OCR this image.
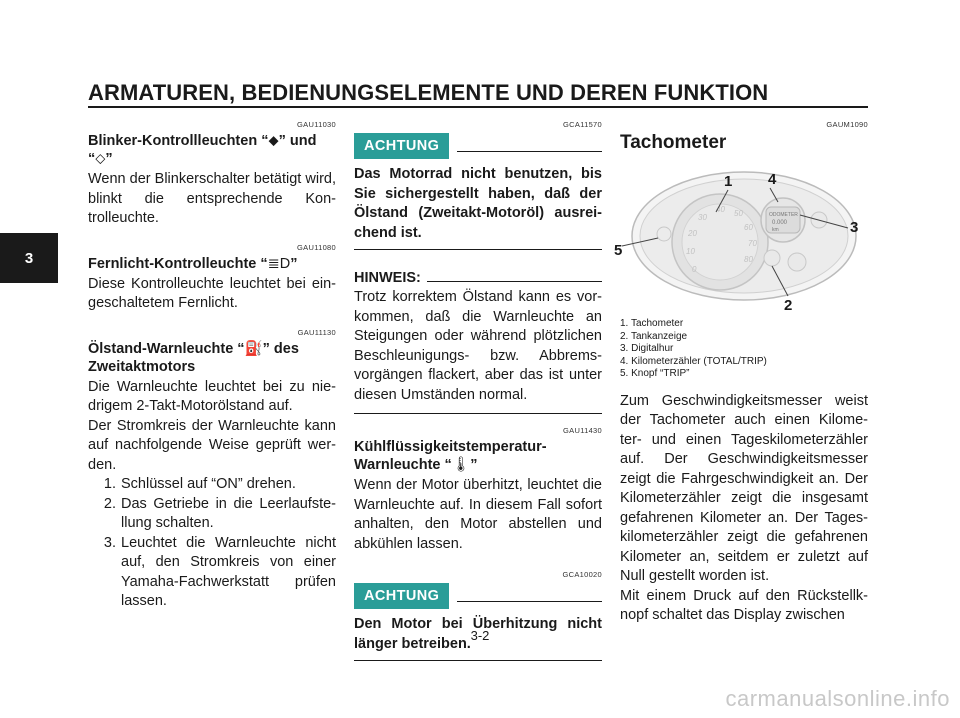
ARMATUREN, BEDIENUNGSELEMENTE UND DEREN FUNKTION
3
GAU11030
Blinker-Kontrollleuchten “⬥” und
“⬦”

Wenn der Blinkerschalter betätigt wird, blinkt die entsprechende Kon-trolleuchte.

GAU11080
Fernlicht-Kontrolleuchte “≣D”

Diese Kontrolleuchte leuchtet bei ein-geschaltetem Fernlicht.

GAU11130
Ölstand-Warnleuchte “⛽” des
Zweitaktmotors

Die Warnleuchte leuchtet bei zu nie-drigem 2-Takt-Motorölstand auf.

Der Stromkreis der Warnleuchte kann auf nachfolgende Weise geprüft wer-den.

1. Schlüssel auf “ON” drehen.
2. Das Getriebe in die Leerlaufste-llung schalten.
3. Leuchtet die Warnleuchte nicht auf, den Stromkreis von einer Yamaha-Fachwerkstatt prüfen lassen.
GCA11570
ACHTUNG

Das Motorrad nicht benutzen, bis Sie sichergestellt haben, daß der Ölstand (Zweitakt-Motoröl) ausrei-chend ist.

HINWEIS:

Trotz korrektem Ölstand kann es vor-kommen, daß die Warnleuchte an Steigungen oder während plötzlichen Beschleunigungs- bzw. Abbrems-vorgängen flackert, aber das ist unter diesen Umständen normal.

GAU11430
Kühlflüssigkeitstemperatur-
Warnleuchte “🌡”

Wenn der Motor überhitzt, leuchtet die Warnleuchte auf. In diesem Fall sofort anhalten, den Motor abstellen und abkühlen lassen.

GCA10020
ACHTUNG

Den Motor bei Überhitzung nicht länger betreiben.

GAUM1090
Tachometer
0
10
20
30
40 50
60
70
80
1 4
3
5
2
ODOMETER
0.000
km
1. Tachometer
2. Tankanzeige
3. Digitalhur
4. Kilometerzähler (TOTAL/TRIP)
5. Knopf “TRIP”

Zum Geschwindigkeitsmesser weist der Tachometer auch einen Kilome-ter- und einen Tageskilometerzähler auf. Der Geschwindigkeitsmesser zeigt die Fahrgeschwindigkeit an. Der Kilometerzähler zeigt die insgesamt gefahrenen Kilometer an. Der Tages-kilometerzähler zeigt die gefahrenen Kilometer an, seitdem er zuletzt auf Null gestellt worden ist.

Mit einem Druck auf den Rückstellk-nopf schaltet das Display zwischen

3-2
carmanualsonline.info
